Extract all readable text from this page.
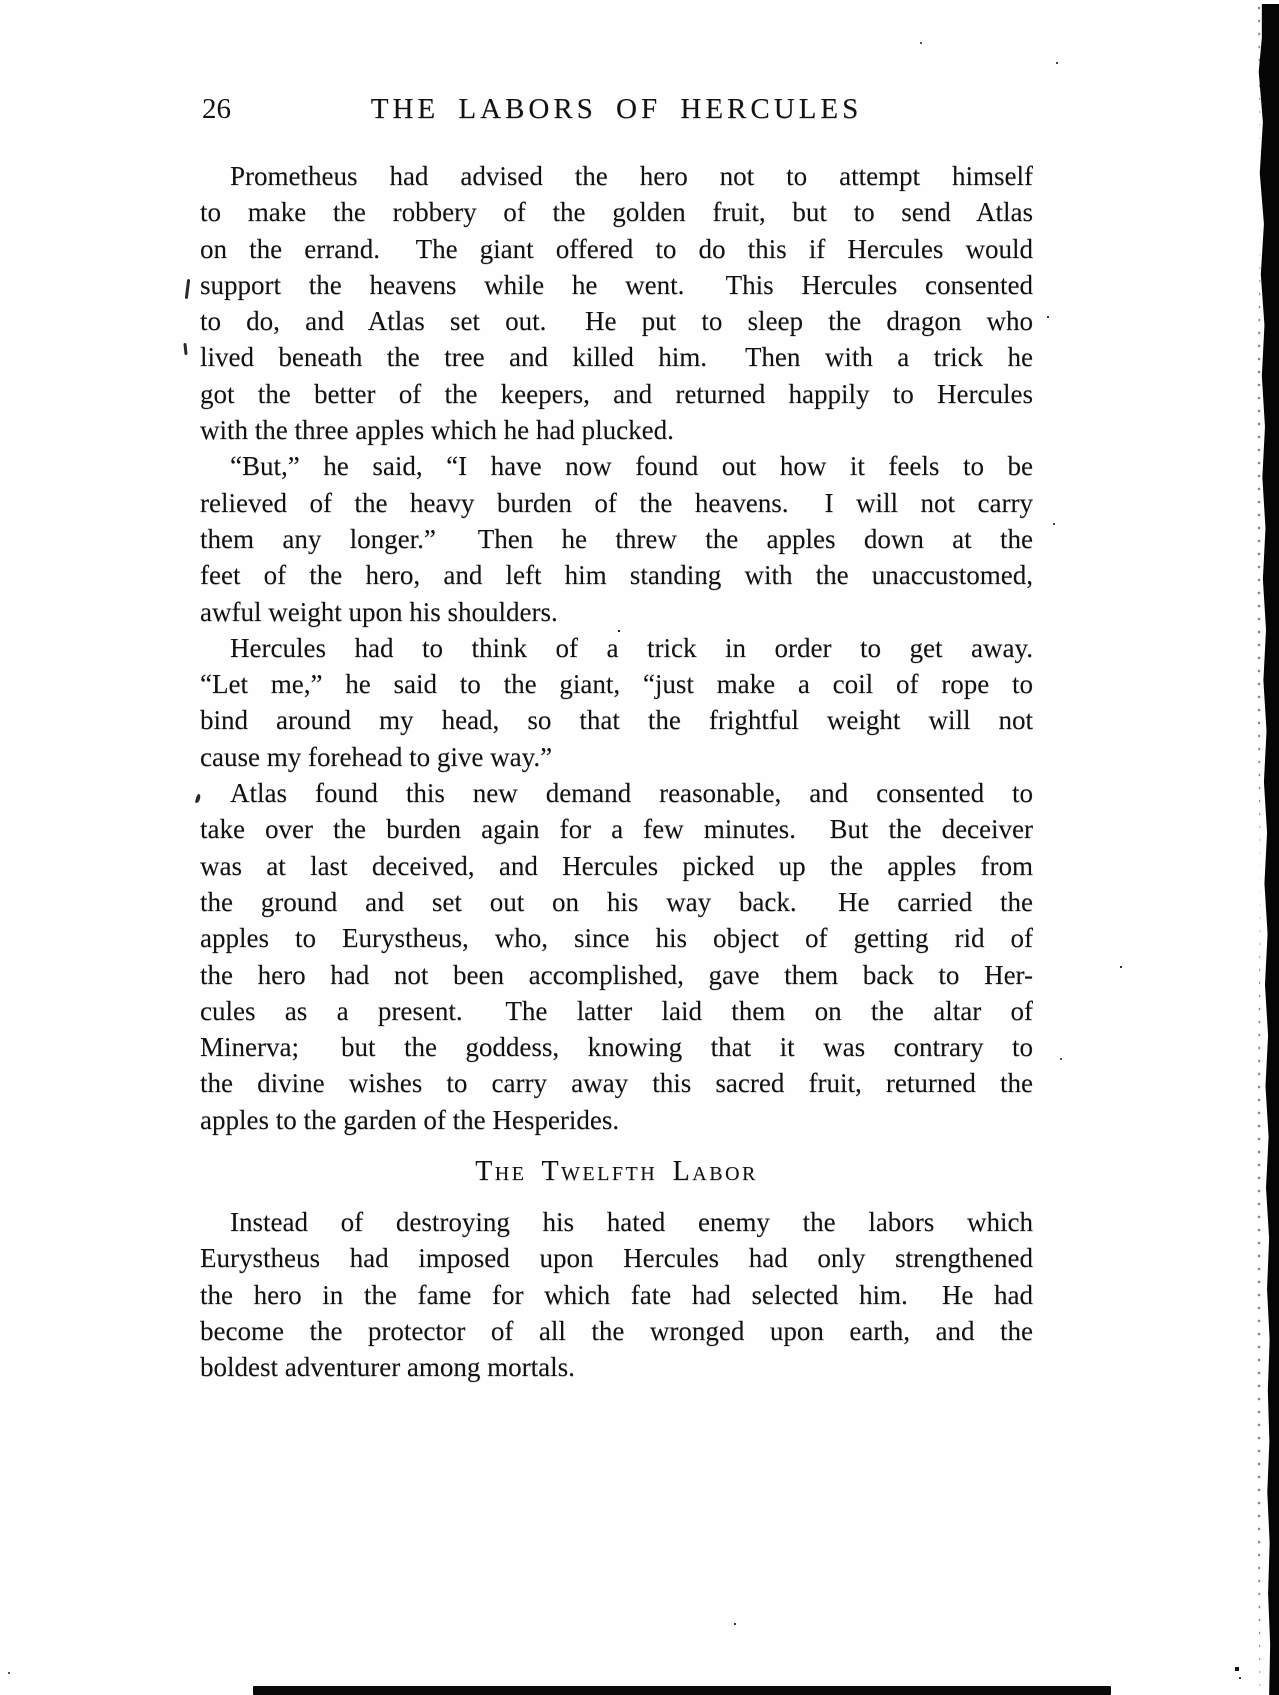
26	THE LABORS OF HERCULES
Prometheus had advised the hero not to attempt himself
to make the robbery of the golden fruit, but to send Atlas
on the errand.  The giant offered to do this if Hercules would
support the heavens while he went.  This Hercules consented
to do, and Atlas set out.  He put to sleep the dragon who
lived beneath the tree and killed him.  Then with a trick he
got the better of the keepers, and returned happily to Hercules
with the three apples which he had plucked.
“But,” he said, “I have now found out how it feels to be
relieved of the heavy burden of the heavens.  I will not carry
them any longer.”  Then he threw the apples down at the
feet of the hero, and left him standing with the unaccustomed,
awful weight upon his shoulders.
Hercules had to think of a trick in order to get away.
“Let me,” he said to the giant, “just make a coil of rope to
bind around my head, so that the frightful weight will not
cause my forehead to give way.”
Atlas found this new demand reasonable, and consented to
take over the burden again for a few minutes.  But the deceiver
was at last deceived, and Hercules picked up the apples from
the ground and set out on his way back.  He carried the
apples to Eurystheus, who, since his object of getting rid of
the hero had not been accomplished, gave them back to Her-
cules as a present.  The latter laid them on the altar of
Minerva;  but the goddess, knowing that it was contrary to
the divine wishes to carry away this sacred fruit, returned the
apples to the garden of the Hesperides.
The Twelfth Labor
Instead of destroying his hated enemy the labors which
Eurystheus had imposed upon Hercules had only strengthened
the hero in the fame for which fate had selected him.  He had
become the protector of all the wronged upon earth, and the
boldest adventurer among mortals.
